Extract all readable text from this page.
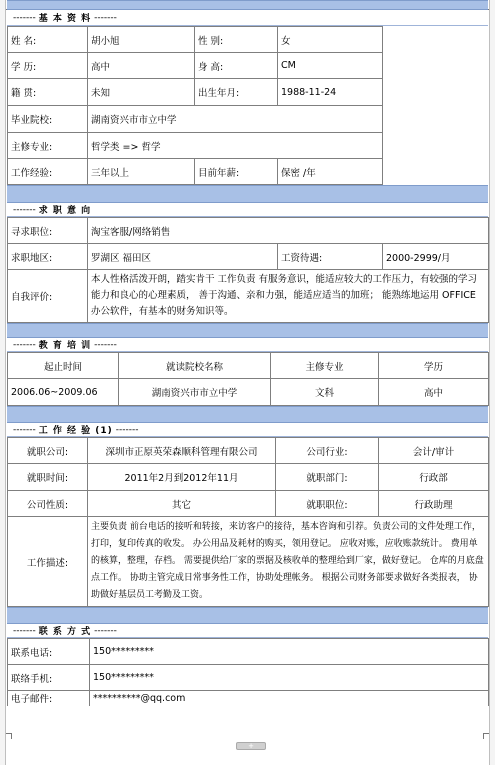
------- 基 本 资 料 -------
姓 名:	胡小旭	性 别:	女
学 历:	高中	身 高:	CM
籍 贯:	未知	出生年月:	1988-11-24
毕业院校:	湖南资兴市市立中学		
主修专业:	哲学类 => 哲学		
工作经验:	三年以上	目前年薪:	保密 /年
------- 求 职 意 向
寻求职位:	淘宝客服/网络销售		
求职地区:	罗湖区 福田区	工资待遇:	2000-2999/月
自我评价:	本人性格活泼开朗，踏实肯干 工作负责 有服务意识，能适应较大的工作压力，有较强的学习能力和良心的心理素质， 善于沟通、亲和力强，能适应适当的加班； 能熟练地运用 OFFICE 办公软件，有基本的财务知识等。		
------- 教 育 培 训 -------
起止时间	就读院校名称	主修专业	学历
2006.06~2009.06	湖南资兴市市立中学	文科	高中
------- 工 作 经 验 (1) -------
就职公司:	深圳市正原英荣森顺科管理有限公司	公司行业:	会计/审计
就职时间:	2011年2月到2012年11月	就职部门:	行政部
公司性质:	其它	就职职位:	行政助理
工作描述:	主要负责 前台电话的接听和转接，来访客户的接待，基本咨询和引荐。负责公司的文件处理工作，打印，复印传真的收发。 办公用品及耗材的购买，领用登记。 应收对账，应收账款统计。 费用单的核算，整理，存档。 需要提供给厂家的票据及核收单的整理给到厂家，做好登记。 仓库的月底盘点工作。 协助主管完成日常事务性工作，协助处理帐务。 根据公司财务部要求做好各类报表， 协助做好基层员工考勤及工资。		
------- 联 系 方 式 -------
联系电话:	150*********
联络手机:	150*********
电子邮件:	**********@qq.com
+
